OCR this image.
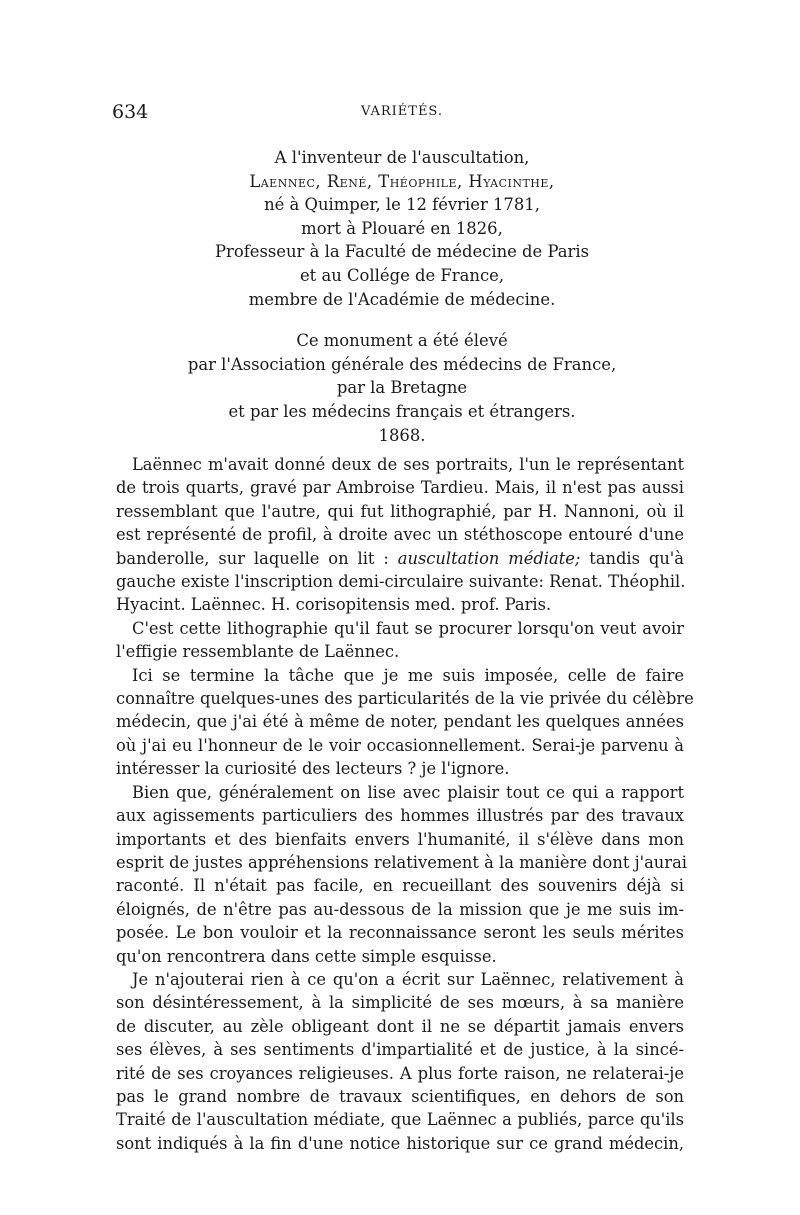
634	VARIÉTÉS.
A l'inventeur de l'auscultation,
Laennec, René, Théophile, Hyacinthe,
né à Quimper, le 12 février 1781,
mort à Plouaré en 1826,
Professeur à la Faculté de médecine de Paris
et au Collége de France,
membre de l'Académie de médecine.
Ce monument a été élevé
par l'Association générale des médecins de France,
par la Bretagne
et par les médecins français et étrangers.
1868.
Laënnec m'avait donné deux de ses portraits, l'un le représentant
de trois quarts, gravé par Ambroise Tardieu. Mais, il n'est pas aussi
ressemblant que l'autre, qui fut lithographié, par H. Nannoni, où il
est représenté de profil, à droite avec un stéthoscope entouré d'une
banderolle, sur laquelle on lit : auscultation médiate; tandis qu'à
gauche existe l'inscription demi-circulaire suivante: Renat. Théophil.
Hyacint. Laënnec. H. corisopitensis med. prof. Paris.
C'est cette lithographie qu'il faut se procurer lorsqu'on veut avoir
l'effigie ressemblante de Laënnec.
Ici se termine la tâche que je me suis imposée, celle de faire
connaître quelques-unes des particularités de la vie privée du célèbre
médecin, que j'ai été à même de noter, pendant les quelques années
où j'ai eu l'honneur de le voir occasionnellement. Serai-je parvenu à
intéresser la curiosité des lecteurs ? je l'ignore.
Bien que, généralement on lise avec plaisir tout ce qui a rapport
aux agissements particuliers des hommes illustrés par des travaux
importants et des bienfaits envers l'humanité, il s'élève dans mon
esprit de justes appréhensions relativement à la manière dont j'aurai
raconté. Il n'était pas facile, en recueillant des souvenirs déjà si
éloignés, de n'être pas au-dessous de la mission que je me suis im-
posée. Le bon vouloir et la reconnaissance seront les seuls mérites
qu'on rencontrera dans cette simple esquisse.
Je n'ajouterai rien à ce qu'on a écrit sur Laënnec, relativement à
son désintéressement, à la simplicité de ses mœurs, à sa manière
de discuter, au zèle obligeant dont il ne se départit jamais envers
ses élèves, à ses sentiments d'impartialité et de justice, à la sincé-
rité de ses croyances religieuses. A plus forte raison, ne relaterai-je
pas le grand nombre de travaux scientifiques, en dehors de son
Traité de l'auscultation médiate, que Laënnec a publiés, parce qu'ils
sont indiqués à la fin d'une notice historique sur ce grand médecin,
